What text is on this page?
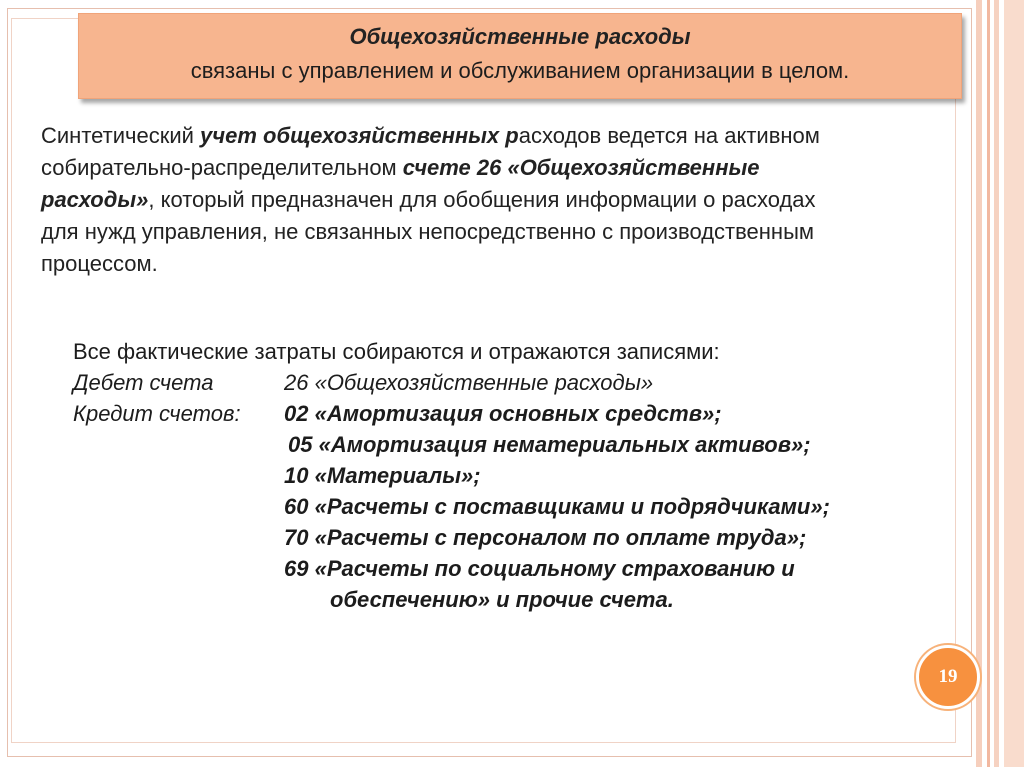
Общехозяйственные расходы
связаны с управлением и обслуживанием организации в целом.
Синтетический учет общехозяйственных расходов ведется на активном
собирательно-распределительном счете 26 «Общехозяйственные
расходы», который предназначен для обобщения информации о расходах
для нужд управления, не связанных непосредственно с производственным
процессом.
Все фактические затраты собираются и отражаются записями:
Дебет счета	26 «Общехозяйственные расходы»
Кредит счетов: 02 «Амортизация основных средств»;
05 «Амортизация нематериальных активов»;
10 «Материалы»;
60 «Расчеты с поставщиками и подрядчиками»;
70 «Расчеты с персоналом по оплате труда»;
69 «Расчеты по социальному страхованию и
обеспечению» и прочие счета.
19
